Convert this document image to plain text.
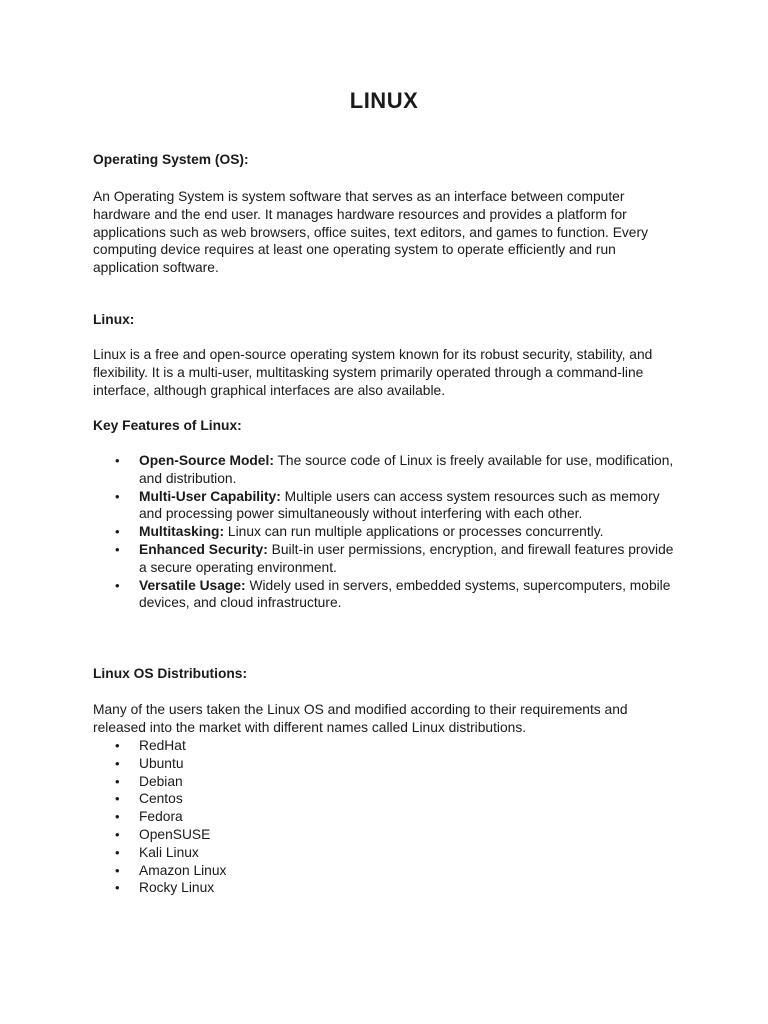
LINUX

Operating System (OS):

An Operating System is system software that serves as an interface between computer hardware and the end user. It manages hardware resources and provides a platform for applications such as web browsers, office suites, text editors, and games to function. Every computing device requires at least one operating system to operate efficiently and run application software.

Linux:

Linux is a free and open-source operating system known for its robust security, stability, and flexibility. It is a multi-user, multitasking system primarily operated through a command-line interface, although graphical interfaces are also available.

Key Features of Linux:

• Open-Source Model: The source code of Linux is freely available for use, modification, and distribution.
• Multi-User Capability: Multiple users can access system resources such as memory and processing power simultaneously without interfering with each other.
• Multitasking: Linux can run multiple applications or processes concurrently.
• Enhanced Security: Built-in user permissions, encryption, and firewall features provide a secure operating environment.
• Versatile Usage: Widely used in servers, embedded systems, supercomputers, mobile devices, and cloud infrastructure.

Linux OS Distributions:

Many of the users taken the Linux OS and modified according to their requirements and released into the market with different names called Linux distributions.

• RedHat
• Ubuntu
• Debian
• Centos
• Fedora
• OpenSUSE
• Kali Linux
• Amazon Linux
• Rocky Linux
